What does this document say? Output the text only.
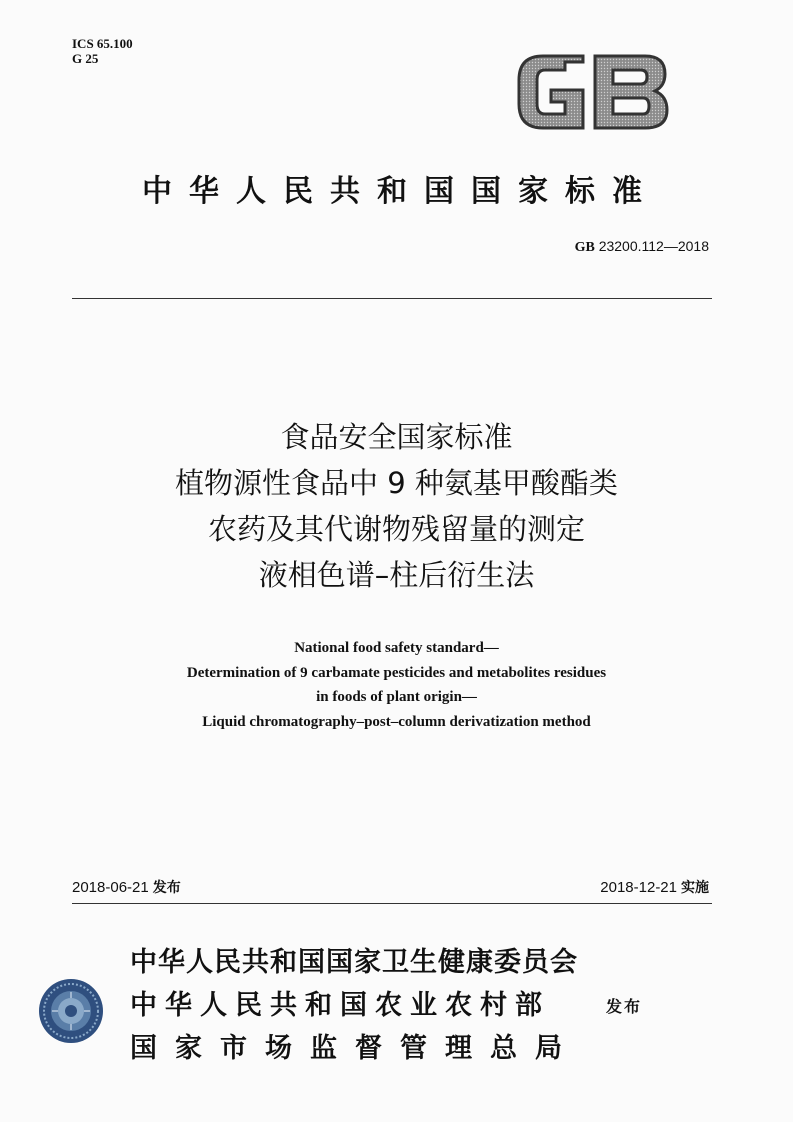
ICS 65.100
G 25
中华人民共和国国家标准
GB 23200.112—2018
食品安全国家标准
植物源性食品中 9 种氨基甲酸酯类
农药及其代谢物残留量的测定
液相色谱–柱后衍生法
National food safety standard—
Determination of 9 carbamate pesticides and metabolites residues
in foods of plant origin—
Liquid chromatography–post–column derivatization method
2018-06-21 发布	2018-12-21 实施
中华人民共和国国家卫生健康委员会
中华人民共和国农业农村部
国家市场监督管理总局
发布
